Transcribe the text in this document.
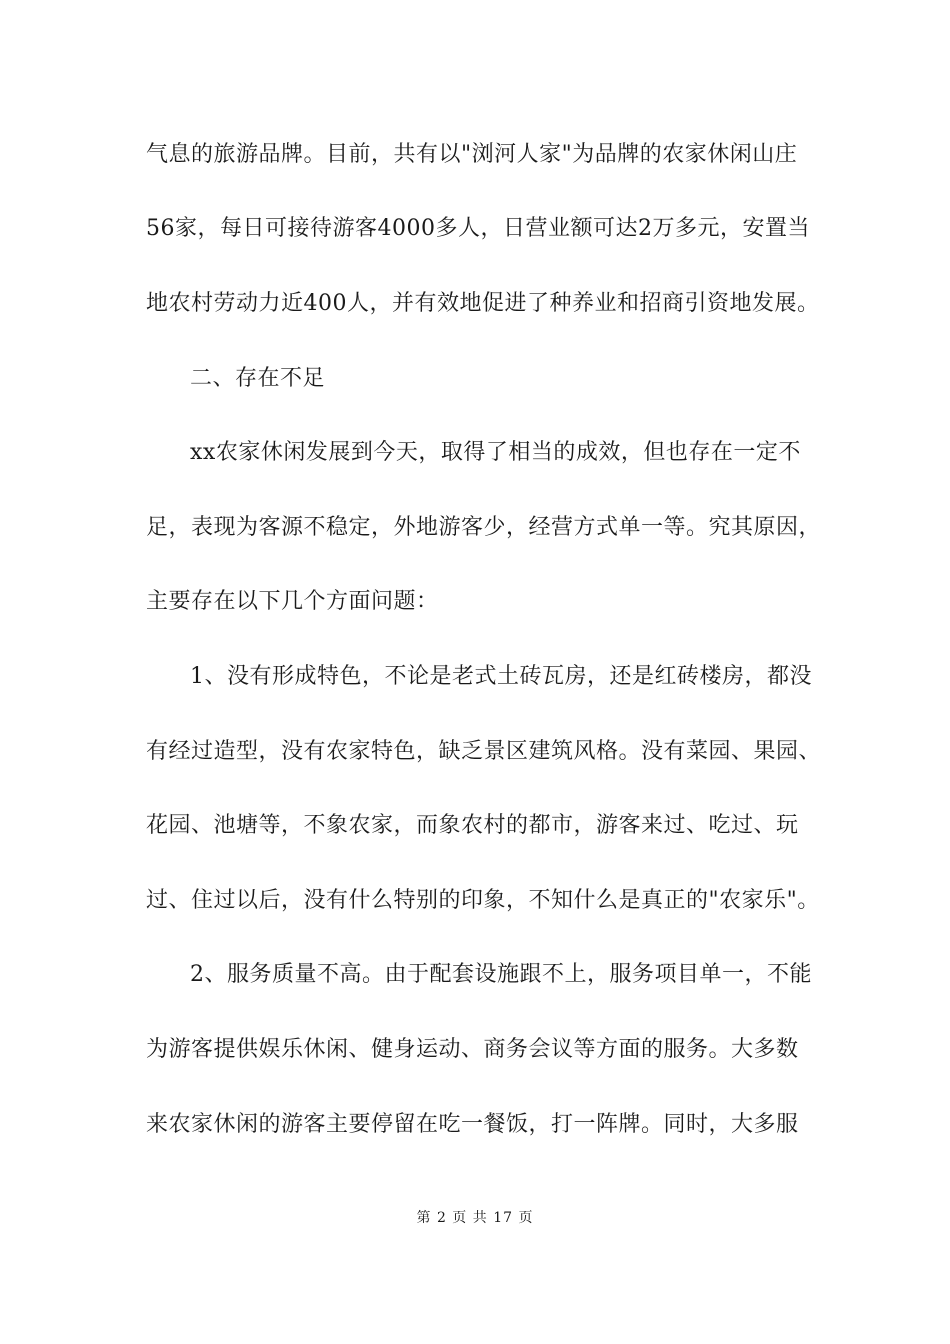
气息的旅游品牌。目前，共有以"浏河人家"为品牌的农家休闲山庄
56家，每日可接待游客4000多人，日营业额可达2万多元，安置当
地农村劳动力近400人，并有效地促进了种养业和招商引资地发展。
二、存在不足
xx农家休闲发展到今天，取得了相当的成效，但也存在一定不
足，表现为客源不稳定，外地游客少，经营方式单一等。究其原因，
主要存在以下几个方面问题：
1、没有形成特色，不论是老式土砖瓦房，还是红砖楼房，都没
有经过造型，没有农家特色，缺乏景区建筑风格。没有菜园、果园、
花园、池塘等，不象农家，而象农村的都市，游客来过、吃过、玩
过、住过以后，没有什么特别的印象，不知什么是真正的"农家乐"。
2、服务质量不高。由于配套设施跟不上，服务项目单一，不能
为游客提供娱乐休闲、健身运动、商务会议等方面的服务。大多数
来农家休闲的游客主要停留在吃一餐饭，打一阵牌。同时，大多服
第 2 页 共 17 页
